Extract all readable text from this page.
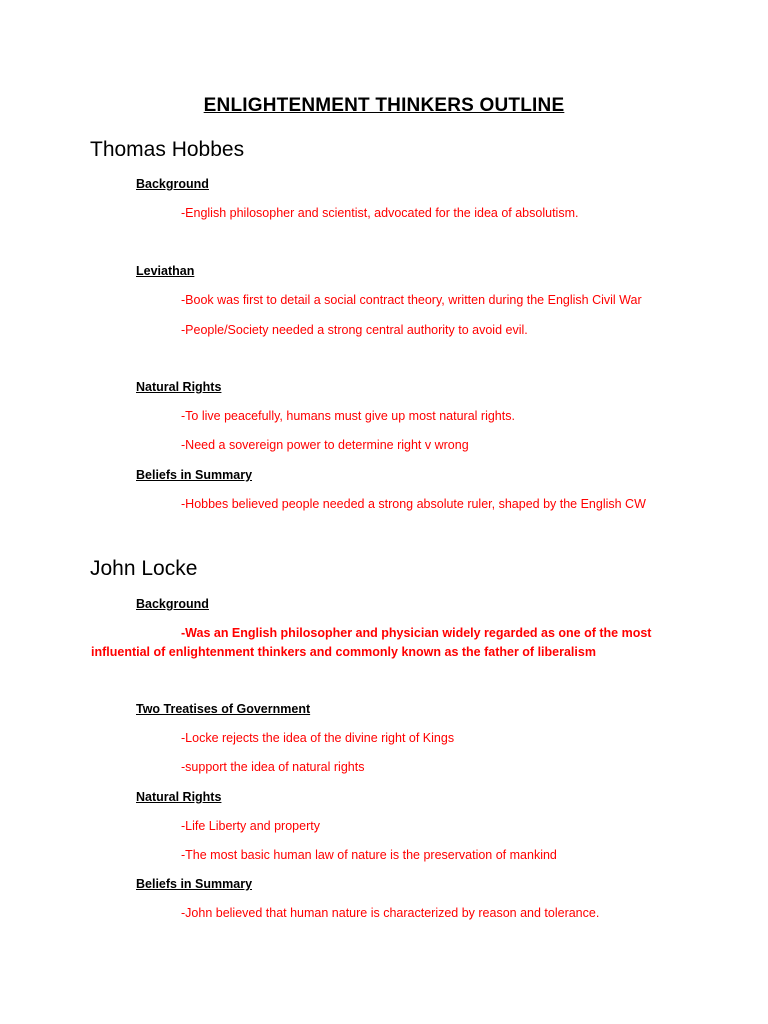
ENLIGHTENMENT THINKERS OUTLINE
Thomas Hobbes
Background
-English philosopher and scientist, advocated for the idea of absolutism.
Leviathan
-Book was first to detail a social contract theory, written during the English Civil War
-People/Society needed a strong central authority to avoid evil.
Natural Rights
-To live peacefully, humans must give up most natural rights.
-Need a sovereign power to determine right v wrong
Beliefs in Summary
-Hobbes believed people needed a strong absolute ruler, shaped by the English CW
John Locke
Background
-Was an English philosopher and physician widely regarded as one of the most influential of enlightenment thinkers and commonly known as the father of liberalism
Two Treatises of Government
-Locke rejects the idea of the divine right of Kings
-support the idea of natural rights
Natural Rights
-Life Liberty and property
-The most basic human law of nature is the preservation of mankind
Beliefs in Summary
-John believed that human nature is characterized by reason and tolerance.
